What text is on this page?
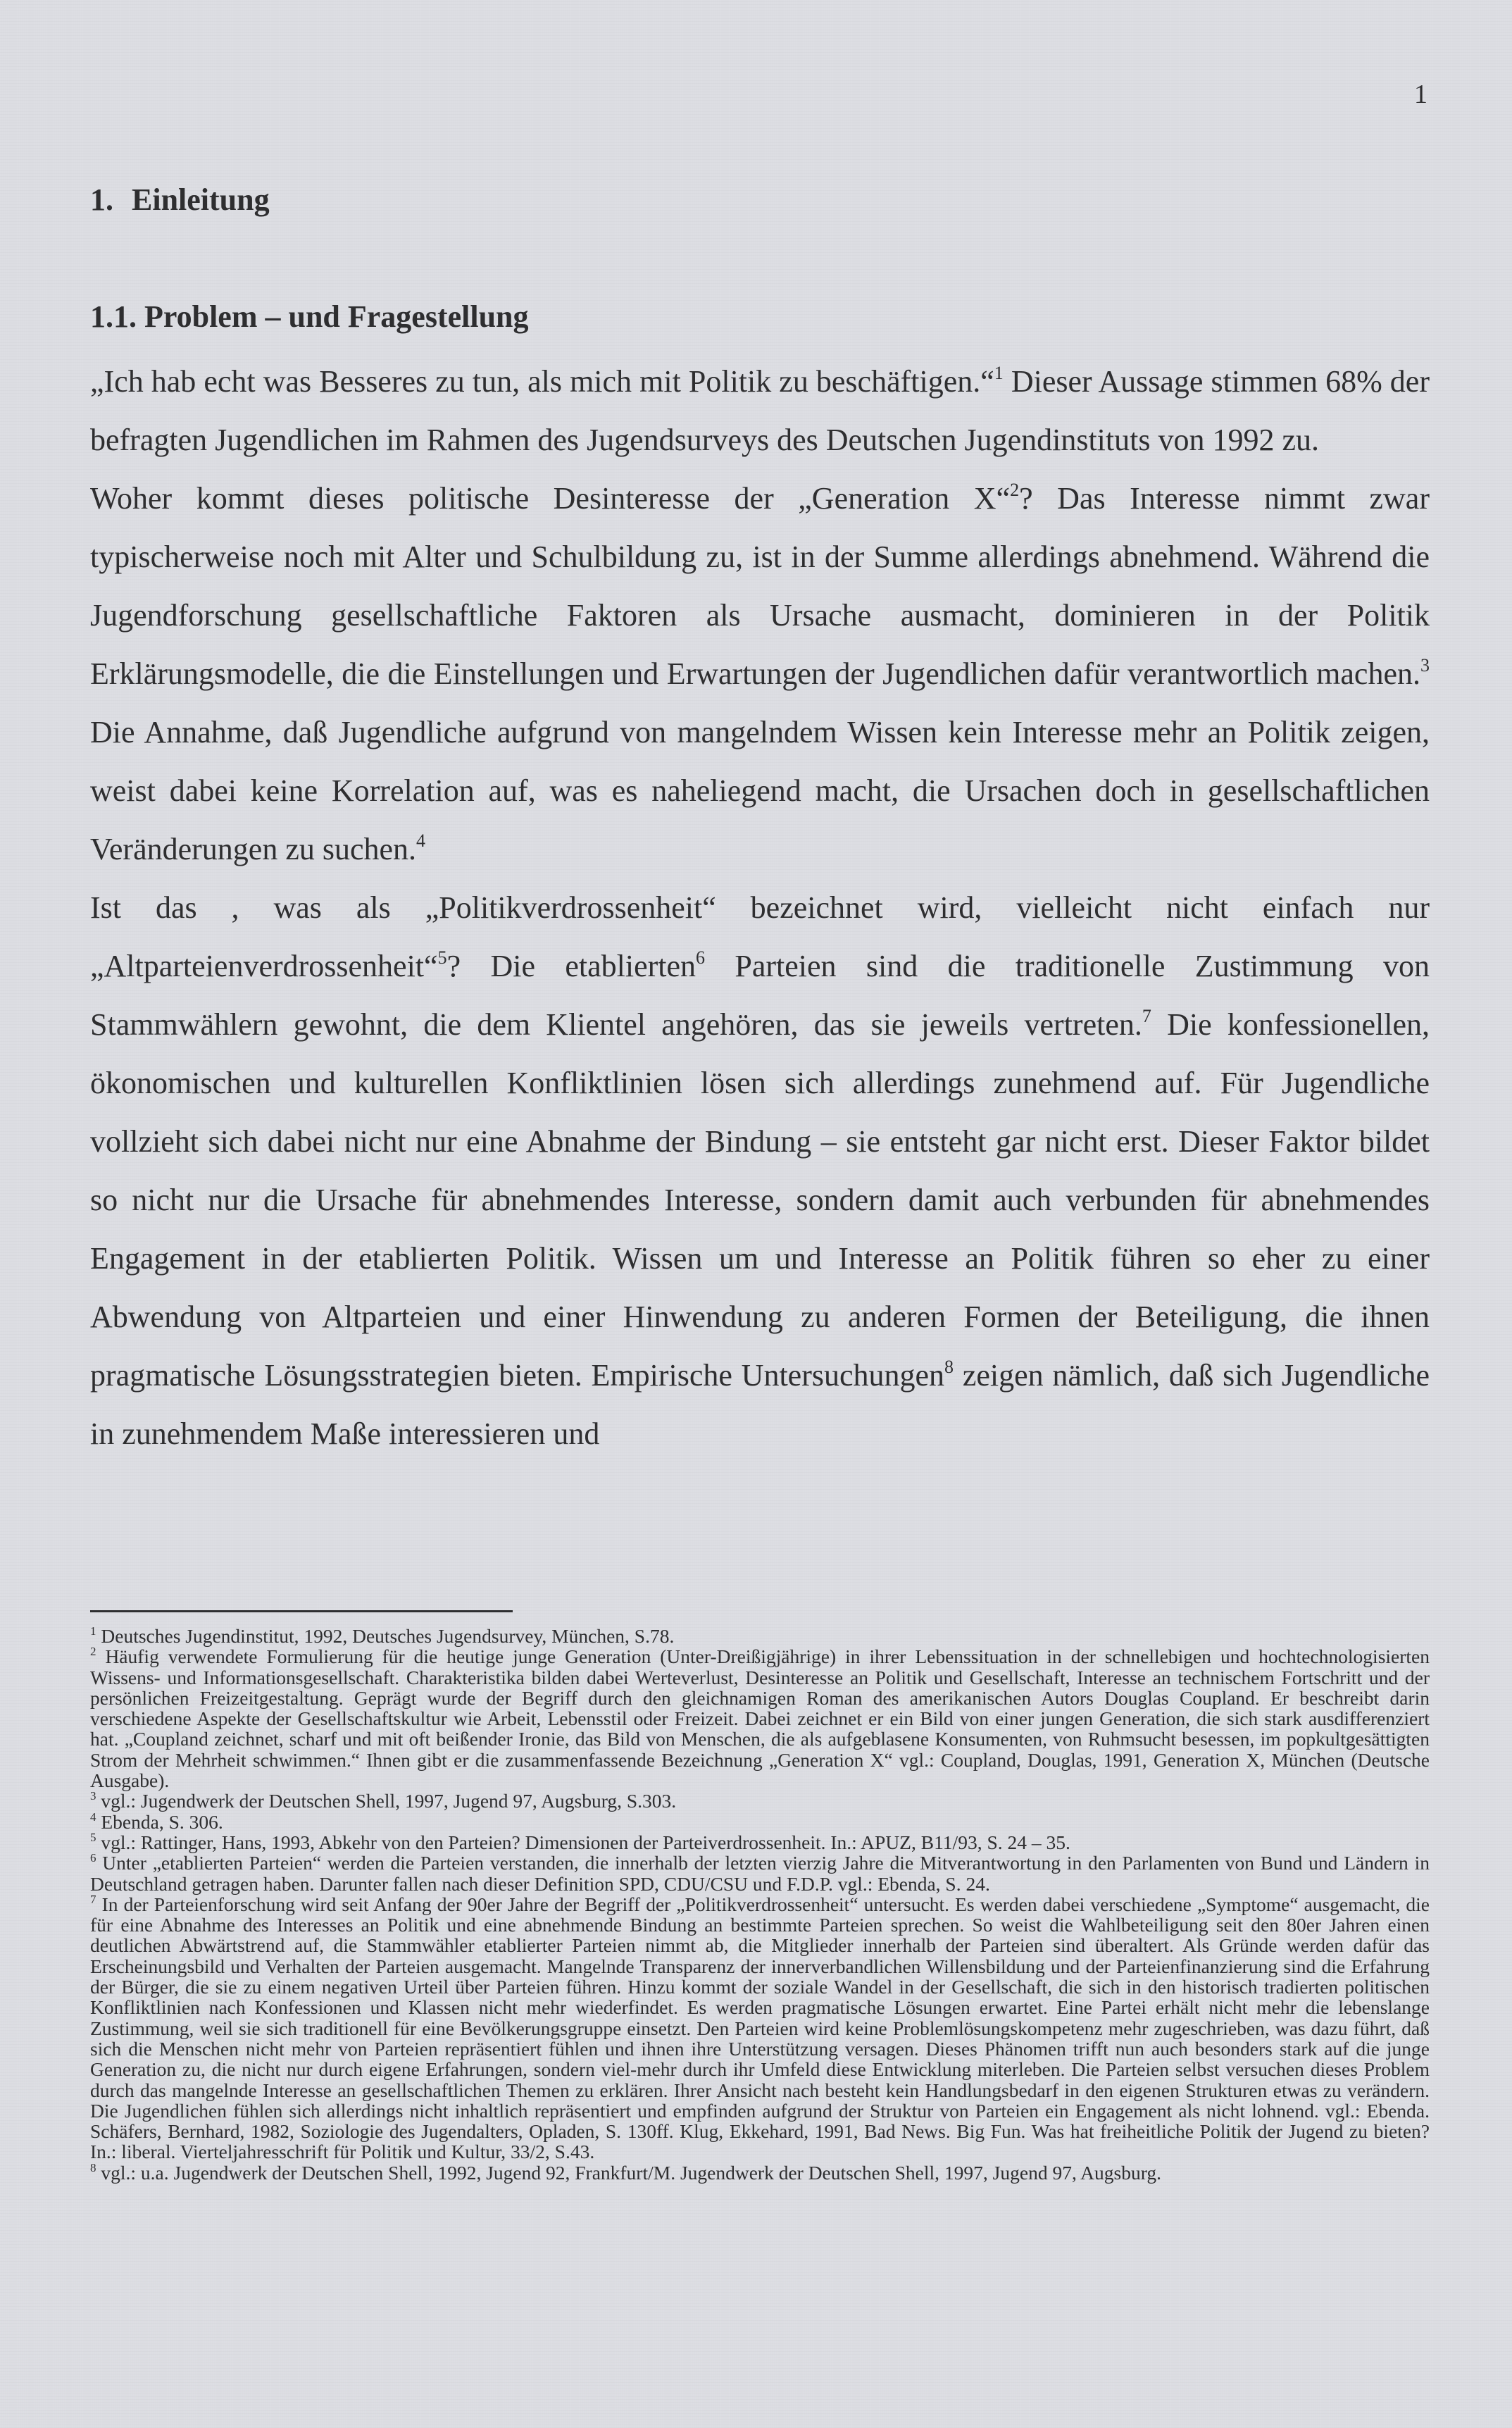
1
1. Einleitung
1.1. Problem – und Fragestellung

„Ich hab echt was Besseres zu tun, als mich mit Politik zu beschäftigen.“$^1$ Dieser Aussage stimmen 68% der befragten Jugendlichen im Rahmen des Jugendsurveys des Deutschen Jugendinstituts von 1992 zu.

Woher kommt dieses politische Desinteresse der „Generation X“$^2$? Das Interesse nimmt zwar typischerweise noch mit Alter und Schulbildung zu, ist in der Summe allerdings abnehmend. Während die Jugendforschung gesellschaftliche Faktoren als Ursache ausmacht, dominieren in der Politik Erklärungsmodelle, die die Einstellungen und Erwartungen der Jugendlichen dafür verantwortlich machen.$^3$ Die Annahme, daß Jugendliche aufgrund von mangelndem Wissen kein Interesse mehr an Politik zeigen, weist dabei keine Korrelation auf, was es naheliegend macht, die Ursachen doch in gesellschaftlichen Veränderungen zu suchen.$^4$

Ist das , was als „Politikverdrossenheit“ bezeichnet wird, vielleicht nicht einfach nur „Altparteienverdrossenheit“$^5$? Die etablierten$^6$ Parteien sind die traditionelle Zustimmung von Stammwählern gewohnt, die dem Klientel angehören, das sie jeweils vertreten.$^7$ Die konfessionellen, ökonomischen und kulturellen Konfliktlinien lösen sich allerdings zunehmend auf. Für Jugendliche vollzieht sich dabei nicht nur eine Abnahme der Bindung – sie entsteht gar nicht erst. Dieser Faktor bildet so nicht nur die Ursache für abnehmendes Interesse, sondern damit auch verbunden für abnehmendes Engagement in der etablierten Politik. Wissen um und Interesse an Politik führen so eher zu einer Abwendung von Altparteien und einer Hinwendung zu anderen Formen der Beteiligung, die ihnen pragmatische Lösungsstrategien bieten. Empirische Untersuchungen$^8$ zeigen nämlich, daß sich Jugendliche in zunehmendem Maße interessieren und

$^1$ Deutsches Jugendinstitut, 1992, Deutsches Jugendsurvey, München, S.78.

$^2$ Häufig verwendete Formulierung für die heutige junge Generation (Unter-Dreißigjährige) in ihrer Lebenssituation in der schnellebigen und hochtechnologisierten Wissens- und Informationsgesellschaft. Charakteristika bilden dabei Werteverlust, Desinteresse an Politik und Gesellschaft, Interesse an technischem Fortschritt und der persönlichen Freizeitgestaltung. Geprägt wurde der Begriff durch den gleichnamigen Roman des amerikanischen Autors Douglas Coupland. Er beschreibt darin verschiedene Aspekte der Gesellschaftskultur wie Arbeit, Lebensstil oder Freizeit. Dabei zeichnet er ein Bild von einer jungen Generation, die sich stark ausdifferenziert hat. „Coupland zeichnet, scharf und mit oft beißender Ironie, das Bild von Menschen, die als aufgeblasene Konsumenten, von Ruhmsucht besessen, im popkultgesättigten Strom der Mehrheit schwimmen.“ Ihnen gibt er die zusammenfassende Bezeichnung „Generation X“ vgl.: Coupland, Douglas, 1991, Generation X, München (Deutsche Ausgabe).

$^3$ vgl.: Jugendwerk der Deutschen Shell, 1997, Jugend 97, Augsburg, S.303.

$^4$ Ebenda, S. 306.

$^5$ vgl.: Rattinger, Hans, 1993, Abkehr von den Parteien? Dimensionen der Parteiverdrossenheit. In.: APUZ, B11/93, S. 24 – 35.

$^6$ Unter „etablierten Parteien“ werden die Parteien verstanden, die innerhalb der letzten vierzig Jahre die Mitverantwortung in den Parlamenten von Bund und Ländern in Deutschland getragen haben. Darunter fallen nach dieser Definition SPD, CDU/CSU und F.D.P. vgl.: Ebenda, S. 24.

$^7$ In der Parteienforschung wird seit Anfang der 90er Jahre der Begriff der „Politikverdrossenheit“ untersucht. Es werden dabei verschiedene „Symptome“ ausgemacht, die für eine Abnahme des Interesses an Politik und eine abnehmende Bindung an bestimmte Parteien sprechen. So weist die Wahlbeteiligung seit den 80er Jahren einen deutlichen Abwärtstrend auf, die Stammwähler etablierter Parteien nimmt ab, die Mitglieder innerhalb der Parteien sind überaltert. Als Gründe werden dafür das Erscheinungsbild und Verhalten der Parteien ausgemacht. Mangelnde Transparenz der innerverbandlichen Willensbildung und der Parteienfinanzierung sind die Erfahrung der Bürger, die sie zu einem negativen Urteil über Parteien führen. Hinzu kommt der soziale Wandel in der Gesellschaft, die sich in den historisch tradierten politischen Konfliktlinien nach Konfessionen und Klassen nicht mehr wiederfindet. Es werden pragmatische Lösungen erwartet. Eine Partei erhält nicht mehr die lebenslange Zustimmung, weil sie sich traditionell für eine Bevölkerungsgruppe einsetzt. Den Parteien wird keine Problemlösungskompetenz mehr zugeschrieben, was dazu führt, daß sich die Menschen nicht mehr von Parteien repräsentiert fühlen und ihnen ihre Unterstützung versagen. Dieses Phänomen trifft nun auch besonders stark auf die junge Generation zu, die nicht nur durch eigene Erfahrungen, sondern viel-mehr durch ihr Umfeld diese Entwicklung miterleben. Die Parteien selbst versuchen dieses Problem durch das mangelnde Interesse an gesellschaftlichen Themen zu erklären. Ihrer Ansicht nach besteht kein Handlungsbedarf in den eigenen Strukturen etwas zu verändern. Die Jugendlichen fühlen sich allerdings nicht inhaltlich repräsentiert und empfinden aufgrund der Struktur von Parteien ein Engagement als nicht lohnend. vgl.: Ebenda. Schäfers, Bernhard, 1982, Soziologie des Jugendalters, Opladen, S. 130ff. Klug, Ekkehard, 1991, Bad News. Big Fun. Was hat freiheitliche Politik der Jugend zu bieten? In.: liberal. Vierteljahresschrift für Politik und Kultur, 33/2, S.43.

$^8$ vgl.: u.a. Jugendwerk der Deutschen Shell, 1992, Jugend 92, Frankfurt/M. Jugendwerk der Deutschen Shell, 1997, Jugend 97, Augsburg.
